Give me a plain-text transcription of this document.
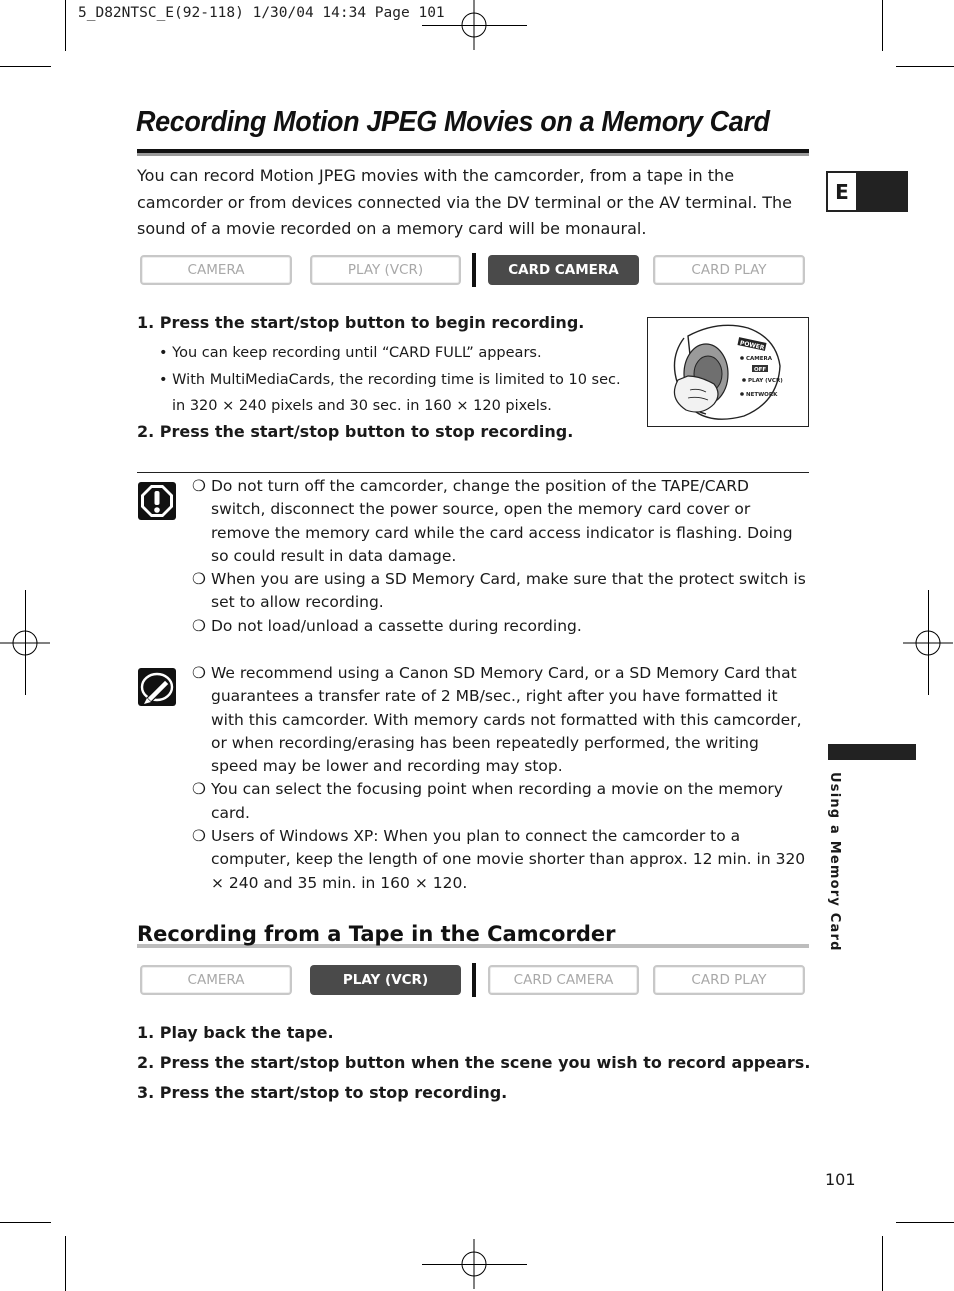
5_D82NTSC_E(92-118) 1/30/04 14:34 Page 101
Recording Motion JPEG Movies on a Memory Card
E
You can record Motion JPEG movies with the camcorder, from a tape in the camcorder or from devices connected via the DV terminal or the AV terminal. The sound of a movie recorded on a memory card will be monaural.
CAMERA	PLAY (VCR)	CARD CAMERA	CARD PLAY
1. Press the start/stop button to begin recording.
• You can keep recording until “CARD FULL” appears.
• With MultiMediaCards, the recording time is limited to 10 sec.
in 320 × 240 pixels and 30 sec. in 160 × 120 pixels.
2. Press the start/stop button to stop recording.
POWER
CAMERA
OFF
PLAY (VCR)
NETWORK
❍ Do not turn off the camcorder, change the position of the TAPE/CARD switch, disconnect the power source, open the memory card cover or remove the memory card while the card access indicator is flashing. Doing so could result in data damage.
❍ When you are using a SD Memory Card, make sure that the protect switch is set to allow recording.
❍ Do not load/unload a cassette during recording.
❍ We recommend using a Canon SD Memory Card, or a SD Memory Card that guarantees a transfer rate of 2 MB/sec., right after you have formatted it with this camcorder. With memory cards not formatted with this camcorder, or when recording/erasing has been repeatedly performed, the writing speed may be lower and recording may stop.
❍ You can select the focusing point when recording a movie on the memory card.
❍ Users of Windows XP: When you plan to connect the camcorder to a computer, keep the length of one movie shorter than approx. 12 min. in 320 × 240 and 35 min. in 160 × 120.
Recording from a Tape in the Camcorder
CAMERA	PLAY (VCR)	CARD CAMERA	CARD PLAY
1. Play back the tape.
2. Press the start/stop button when the scene you wish to record appears.
3. Press the start/stop to stop recording.
Using a Memory Card
101
